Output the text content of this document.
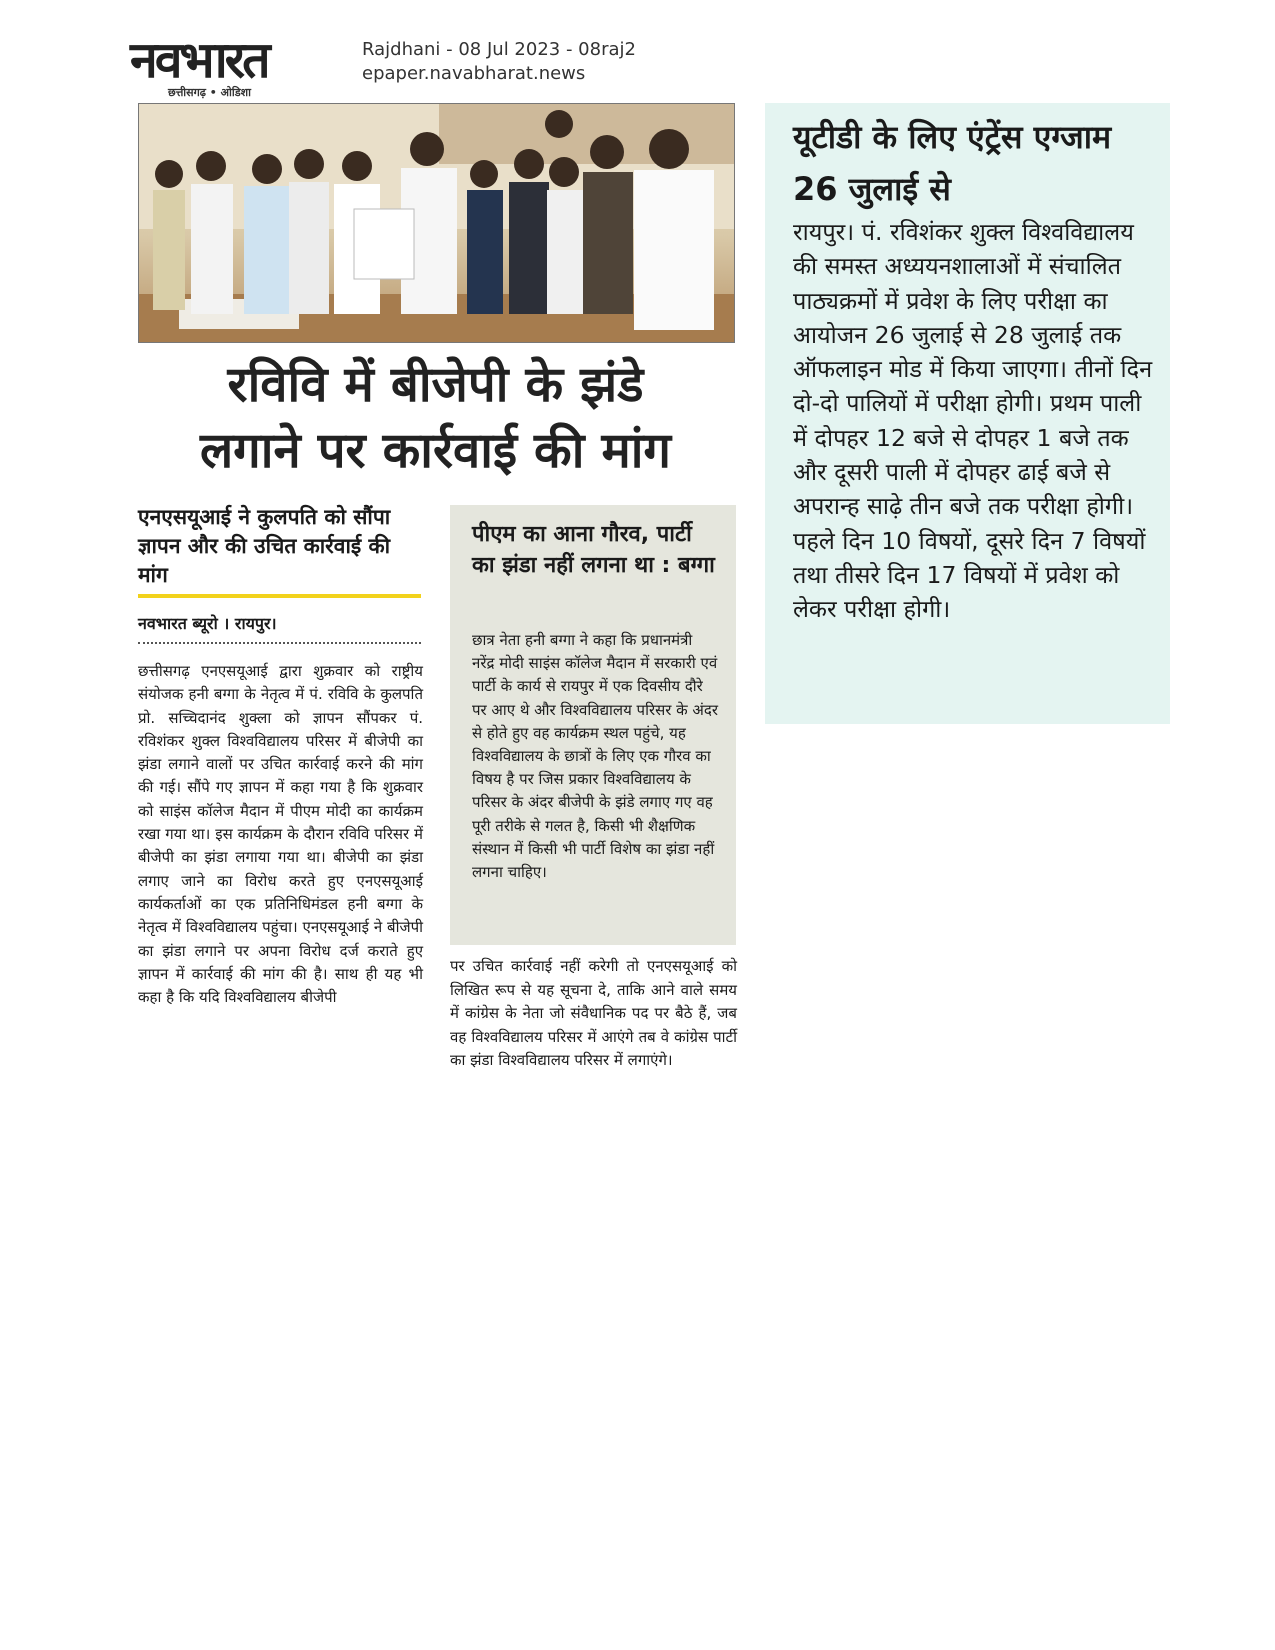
नवभारत
छत्तीसगढ़ • ओडिशा
Rajdhani - 08 Jul 2023 - 08raj2
epaper.navabharat.news
रविवि में बीजेपी के झंडे
लगाने पर कार्रवाई की मांग
एनएसयूआई ने कुलपति को सौंपा ज्ञापन और की उचित कार्रवाई की मांग
नवभारत ब्यूरो । रायपुर।
छत्तीसगढ़ एनएसयूआई द्वारा शुक्रवार को राष्ट्रीय संयोजक हनी बग्गा के नेतृत्व में पं. रविवि के कुलपति प्रो. सच्चिदानंद शुक्ला को ज्ञापन सौंपकर पं. रविशंकर शुक्ल विश्वविद्यालय परिसर में बीजेपी का झंडा लगाने वालों पर उचित कार्रवाई करने की मांग की गई। सौंपे गए ज्ञापन में कहा गया है कि शुक्रवार को साइंस कॉलेज मैदान में पीएम मोदी का कार्यक्रम रखा गया था। इस कार्यक्रम के दौरान रविवि परिसर में बीजेपी का झंडा लगाया गया था। बीजेपी का झंडा लगाए जाने का विरोध करते हुए एनएसयूआई कार्यकर्ताओं का एक प्रतिनिधिमंडल हनी बग्गा के नेतृत्व में विश्वविद्यालय पहुंचा। एनएसयूआई ने बीजेपी का झंडा लगाने पर अपना विरोध दर्ज कराते हुए ज्ञापन में कार्रवाई की मांग की है। साथ ही यह भी कहा है कि यदि विश्वविद्यालय बीजेपी
पीएम का आना गौरव, पार्टी का झंडा नहीं लगना था : बग्गा
छात्र नेता हनी बग्गा ने कहा कि प्रधानमंत्री नरेंद्र मोदी साइंस कॉलेज मैदान में सरकारी एवं पार्टी के कार्य से रायपुर में एक दिवसीय दौरे पर आए थे और विश्वविद्यालय परिसर के अंदर से होते हुए वह कार्यक्रम स्थल पहुंचे, यह विश्वविद्यालय के छात्रों के लिए एक गौरव का विषय है पर जिस प्रकार विश्वविद्यालय के परिसर के अंदर बीजेपी के झंडे लगाए गए वह पूरी तरीके से गलत है, किसी भी शैक्षणिक संस्थान में किसी भी पार्टी विशेष का झंडा नहीं लगना चाहिए।
पर उचित कार्रवाई नहीं करेगी तो एनएसयूआई को लिखित रूप से यह सूचना दे, ताकि आने वाले समय में कांग्रेस के नेता जो संवैधानिक पद पर बैठे हैं, जब वह विश्वविद्यालय परिसर में आएंगे तब वे कांग्रेस पार्टी का झंडा विश्वविद्यालय परिसर में लगाएंगे।
यूटीडी के लिए एंट्रेंस एग्जाम 26 जुलाई से
रायपुर। पं. रविशंकर शुक्ल विश्वविद्यालय की समस्त अध्ययनशालाओं में संचालित पाठ्यक्रमों में प्रवेश के लिए परीक्षा का आयोजन 26 जुलाई से 28 जुलाई तक ऑफलाइन मोड में किया जाएगा। तीनों दिन दो-दो पालियों में परीक्षा होगी। प्रथम पाली में दोपहर 12 बजे से दोपहर 1 बजे तक और दूसरी पाली में दोपहर ढाई बजे से अपरान्ह साढ़े तीन बजे तक परीक्षा होगी। पहले दिन 10 विषयों, दूसरे दिन 7 विषयों तथा तीसरे दिन 17 विषयों में प्रवेश को लेकर परीक्षा होगी।
